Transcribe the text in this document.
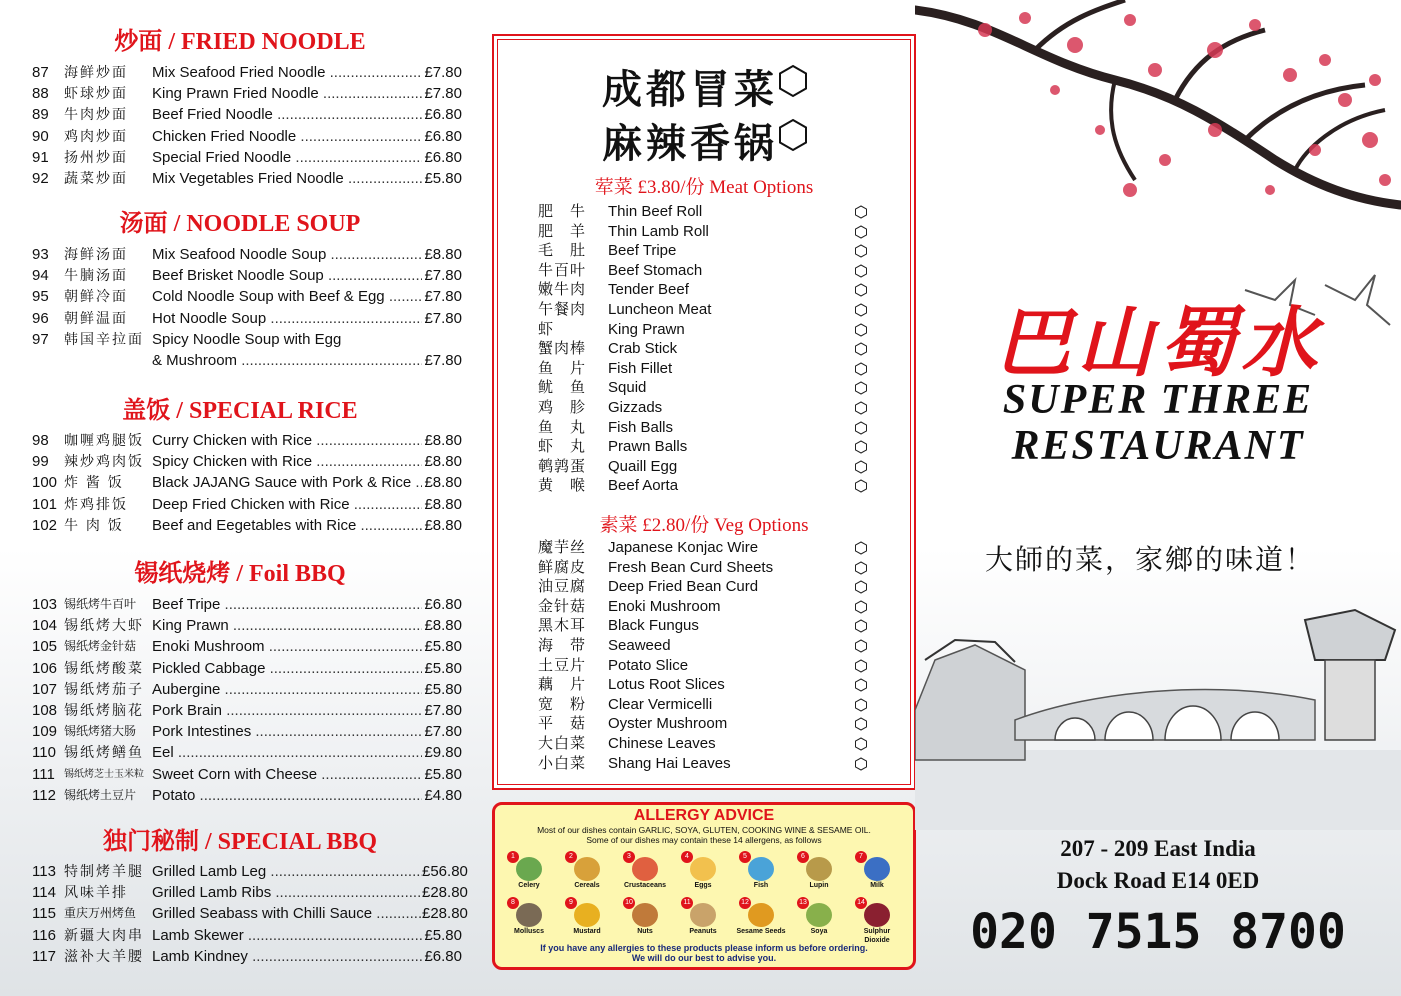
炒面 / FRIED NOODLE
87	海鲜炒面	Mix Seafood Fried Noodle .....	£7.80
88	虾球炒面	King Prawn Fried Noodle .....	£7.80
89	牛肉炒面	Beef Fried Noodle .....	£6.80
90	鸡肉炒面	Chicken Fried Noodle .....	£6.80
91	扬州炒面	Special Fried Noodle .....	£6.80
92	蔬菜炒面	Mix Vegetables Fried Noodle .....	£5.80
汤面 / NOODLE SOUP
93	海鲜汤面	Mix Seafood Noodle Soup .....	£8.80
94	牛腩汤面	Beef Brisket Noodle Soup .....	£7.80
95	朝鲜冷面	Cold Noodle Soup with Beef & Egg .....	£7.80
96	朝鲜温面	Hot Noodle Soup .....	£7.80
97	韩国辛拉面 Spicy Noodle Soup with Egg
& Mushroom .....	£7.80
盖饭 / SPECIAL RICE
98	咖喱鸡腿饭 Curry Chicken with Rice .....	£8.80
99	辣炒鸡肉饭 Spicy Chicken with Rice .....	£8.80
100 炸 酱 饭	Black JAJANG Sauce with Pork & Rice ..... £8.80
101 炸鸡排饭	Deep Fried Chicken with Rice .....	£8.80
102 牛 肉 饭	Beef and Eegetables with Rice .....	£8.80
锡纸烧烤 / Foil BBQ
103 锡纸烤牛百叶	Beef Tripe .....	£6.80
104 锡纸烤大虾 King Prawn .....	£8.80
105 锡纸烤金针菇	Enoki Mushroom .....	£5.80
106 锡纸烤酸菜 Pickled Cabbage .....	£5.80
107 锡纸烤茄子 Aubergine .....	£5.80
108 锡纸烤脑花 Pork Brain .....	£7.80
109 锡纸烤猪大肠	Pork Intestines .....	£7.80
110 锡纸烤鳝鱼 Eel .....	£9.80
111 锡纸烤芝士玉米粒 Sweet Corn with Cheese .....	£5.80
112 锡纸烤土豆片	Potato .....	£4.80
独门秘制 / SPECIAL BBQ
113 特制烤羊腿 Grilled Lamb Leg .....	£56.80
114 风味羊排	Grilled Lamb Ribs .....	£28.80
115 重庆万州烤鱼	Grilled Seabass with Chilli Sauce .....	£28.80
116 新疆大肉串 Lamb Skewer .....	£5.80
117 滋补大羊腰 Lamb Kindney .....	£6.80
成都冒菜
麻辣香锅
荤菜 £3.80/份 Meat Options
肥　牛	Thin Beef Roll
肥　羊	Thin Lamb Roll
毛　肚	Beef Tripe
牛百叶	Beef Stomach
嫩牛肉	Tender Beef
午餐肉	Luncheon Meat
虾	King Prawn
蟹肉棒	Crab Stick
鱼　片	Fish Fillet
鱿　鱼	Squid
鸡　胗	Gizzads
鱼　丸	Fish Balls
虾　丸	Prawn Balls
鹌鹑蛋	Quaill Egg
黄　喉	Beef Aorta
素菜 £2.80/份 Veg Options
魔芋丝	Japanese Konjac Wire
鲜腐皮	Fresh Bean Curd Sheets
油豆腐	Deep Fried Bean Curd
金针菇	Enoki Mushroom
黑木耳	Black Fungus
海　带	Seaweed
土豆片	Potato Slice
藕　片	Lotus Root Slices
宽　粉	Clear Vermicelli
平　菇	Oyster Mushroom
大白菜	Chinese Leaves
小白菜	Shang Hai Leaves
ALLERGY ADVICE
Most of our dishes contain GARLIC, SOYA, GLUTEN, COOKING WINE & SESAME OIL.
Some of our dishes may contain these 14 allergens, as follows
1
Celery
2
Cereals
3
Crustaceans
4
Eggs
5
Fish
6
Lupin
7
Milk
8
Molluscs
9
Mustard
10
Nuts
11
Peanuts
12
Sesame Seeds
13
Soya
14
Sulphur Dioxide
If you have any allergies to these products please inform us before ordering.
We will do our best to advise you.
巴山蜀水
SUPER THREE
RESTAURANT
大師的菜，家鄉的味道！
207 - 209 East India
Dock Road E14 0ED
020 7515 8700
